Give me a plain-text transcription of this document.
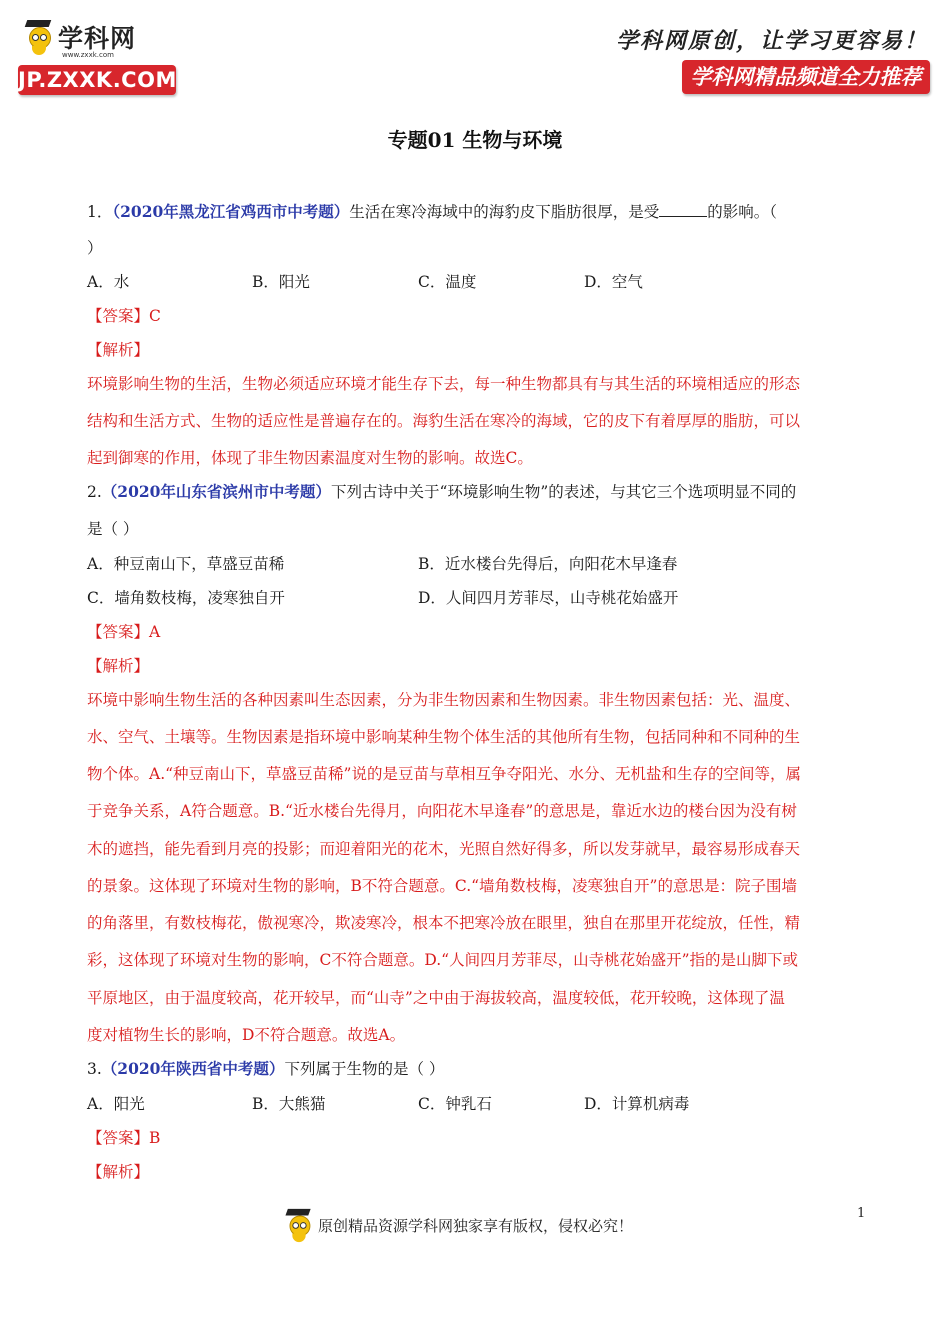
学科网
www.zxxk.com
JP.ZXXK.COM
学科网原创，让学习更容易！
学科网精品频道全力推荐
专题01 生物与环境
1．（2020年黑龙江省鸡西市中考题）生活在寒冷海域中的海豹皮下脂肪很厚，是受	的影响。（
）
A．水	B．阳光	C．温度	D．空气
【答案】C
【解析】
环境影响生物的生活，生物必须适应环境才能生存下去，每一种生物都具有与其生活的环境相适应的形态
结构和生活方式、生物的适应性是普遍存在的。海豹生活在寒冷的海域，它的皮下有着厚厚的脂肪，可以
起到御寒的作用，体现了非生物因素温度对生物的影响。故选C。
2.（2020年山东省滨州市中考题）下列古诗中关于“环境影响生物”的表述，与其它三个选项明显不同的
是（ ）
A．种豆南山下，草盛豆苗稀	B．近水楼台先得后，向阳花木早逢春
C．墙角数枝梅，凌寒独自开	D．人间四月芳菲尽，山寺桃花始盛开
【答案】A
【解析】
环境中影响生物生活的各种因素叫生态因素，分为非生物因素和生物因素。非生物因素包括：光、温度、
水、空气、土壤等。生物因素是指环境中影响某种生物个体生活的其他所有生物，包括同种和不同种的生
物个体。A.“种豆南山下，草盛豆苗稀”说的是豆苗与草相互争夺阳光、水分、无机盐和生存的空间等，属
于竞争关系，A符合题意。B.“近水楼台先得月，向阳花木早逢春”的意思是，靠近水边的楼台因为没有树
木的遮挡，能先看到月亮的投影；而迎着阳光的花木，光照自然好得多，所以发芽就早，最容易形成春天
的景象。这体现了环境对生物的影响，B不符合题意。C.“墙角数枝梅，凌寒独自开”的意思是：院子围墙
的角落里，有数枝梅花，傲视寒冷，欺凌寒冷，根本不把寒冷放在眼里，独自在那里开花绽放，任性，精
彩，这体现了环境对生物的影响，C不符合题意。D.“人间四月芳菲尽，山寺桃花始盛开”指的是山脚下或
平原地区，由于温度较高，花开较早，而“山寺”之中由于海拔较高，温度较低，花开较晚，这体现了温
度对植物生长的影响，D不符合题意。故选A。
3.（2020年陕西省中考题）下列属于生物的是（ ）
A．阳光	B．大熊猫	C．钟乳石	D．计算机病毒
【答案】B
【解析】
原创精品资源学科网独家享有版权，侵权必究！
1
